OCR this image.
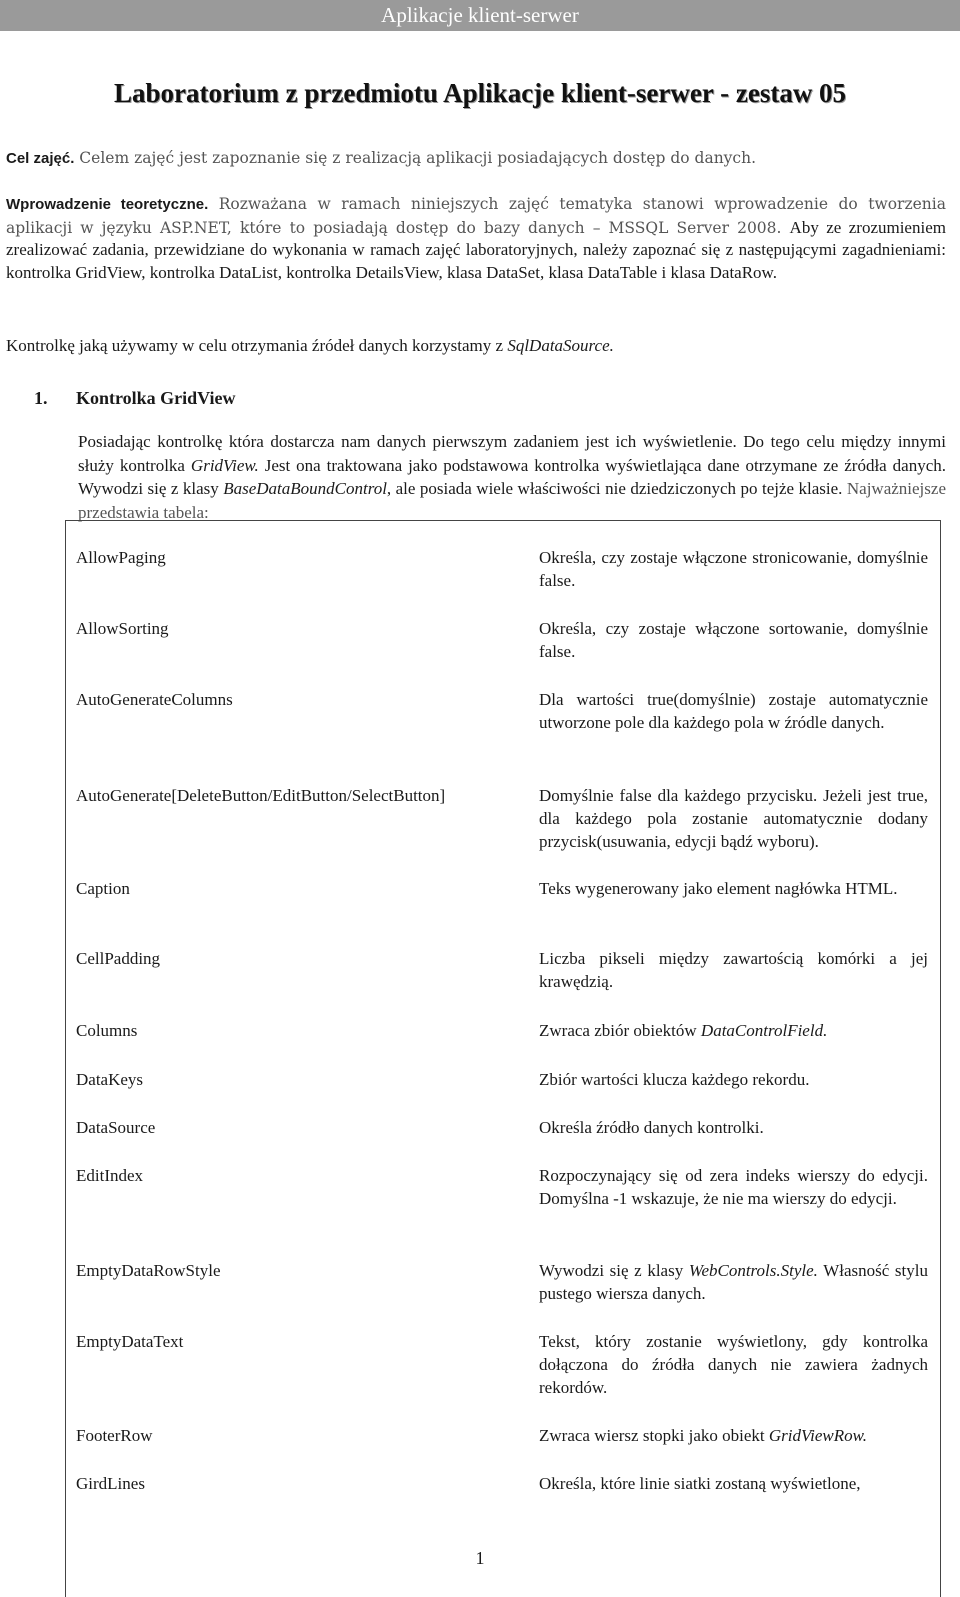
Aplikacje klient-serwer
Laboratorium z przedmiotu Aplikacje klient-serwer - zestaw 05
Cel zajęć. Celem zajęć jest zapoznanie się z realizacją aplikacji posiadających dostęp do danych.
Wprowadzenie teoretyczne. Rozważana w ramach niniejszych zajęć tematyka stanowi wprowadzenie do tworzenia aplikacji w języku ASP.NET, które to posiadają dostęp do bazy danych – MSSQL Server 2008. Aby ze zrozumieniem zrealizować zadania, przewidziane do wykonania w ramach zajęć laboratoryjnych, należy zapoznać się z następującymi zagadnieniami: kontrolka GridView, kontrolka DataList, kontrolka DetailsView, klasa DataSet, klasa DataTable i klasa DataRow.
Kontrolkę jaką używamy w celu otrzymania źródeł danych korzystamy z SqlDataSource.
1. Kontrolka GridView
Posiadając kontrolkę która dostarcza nam danych pierwszym zadaniem jest ich wyświetlenie. Do tego celu między innymi służy kontrolka GridView. Jest ona traktowana jako podstawowa kontrolka wyświetlająca dane otrzymane ze źródła danych. Wywodzi się z klasy BaseDataBoundControl, ale posiada wiele właściwości nie dziedziczonych po tejże klasie. Najważniejsze przedstawia tabela:
AllowPaging	Określa, czy zostaje włączone stronicowanie, domyślnie false.
AllowSorting	Określa, czy zostaje włączone sortowanie, domyślnie false.
AutoGenerateColumns	Dla wartości true(domyślnie) zostaje automatycznie utworzone pole dla każdego pola w źródle danych.
AutoGenerate[DeleteButton/EditButton/SelectButton]	Domyślnie false dla każdego przycisku. Jeżeli jest true, dla każdego pola zostanie automatycznie dodany przycisk(usuwania, edycji bądź wyboru).
Caption	Teks wygenerowany jako element nagłówka HTML.
CellPadding	Liczba pikseli między zawartością komórki a jej krawędzią.
Columns	Zwraca zbiór obiektów DataControlField.
DataKeys	Zbiór wartości klucza każdego rekordu.
DataSource	Określa źródło danych kontrolki.
EditIndex	Rozpoczynający się od zera indeks wierszy do edycji. Domyślna -1 wskazuje, że nie ma wierszy do edycji.
EmptyDataRowStyle	Wywodzi się z klasy WebControls.Style. Własność stylu pustego wiersza danych.
EmptyDataText	Tekst, który zostanie wyświetlony, gdy kontrolka dołączona do źródła danych nie zawiera żadnych rekordów.
FooterRow	Zwraca wiersz stopki jako obiekt GridViewRow.
GirdLines	Określa, które linie siatki zostaną wyświetlone,
1
